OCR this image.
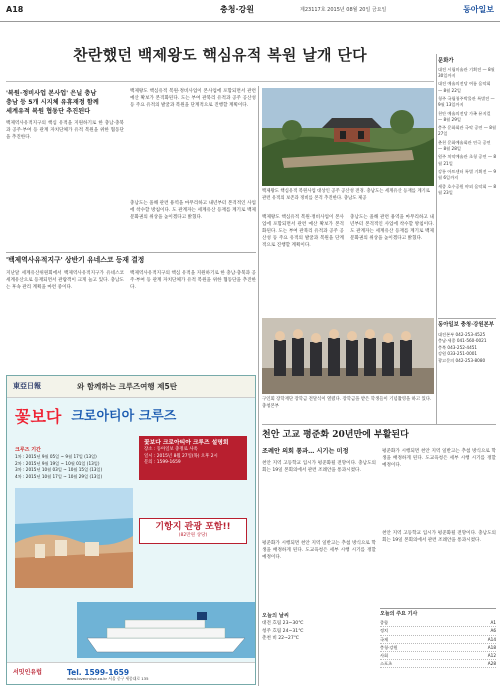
A18	충청·강원	제23117호 2015년 08월 20일 금요일	동아일보
찬란했던 백제왕도 핵심유적 복원 날개 단다
'복원·정비사업 본사업' 은닐 충남
충남 등 5개 시지체 유휴재정 함께
세계유적 복원 협동단 추진된다
백제역사유적지구의 핵심 유적을 지원하기로 한 충남·충북과 공주·부여 등 관계 자치단체가 유적 복원을 위한 협동단을 추진한다.
백제왕도 핵심유적 복원·정비사업이 본사업에 포함되면서 관련 예산 확보가 본격화된다. 도는 부여 관북리 유적과 공주 공산성 등 주요 유적의 발굴과 복원을 단계적으로 진행할 계획이다.
충남도는 올해 관련 용역을 마무리하고 내년부터 본격적인 사업에 착수할 방침이다. 도 관계자는 세계유산 등재를 계기로 백제 문화권의 위상을 높이겠다고 밝혔다.
백제왕도 핵심유적 복원사업 대상인 공주 공산성 전경. 충남도는 세계유산 등재를 계기로 관련 유적의 보존과 정비를 본격 추진한다. 충남도 제공
백제왕도 핵심유적 복원·정비사업이 본사업에 포함되면서 관련 예산 확보가 본격화된다. 도는 부여 관북리 유적과 공주 공산성 등 주요 유적의 발굴과 복원을 단계적으로 진행할 계획이다.
충남도는 올해 관련 용역을 마무리하고 내년부터 본격적인 사업에 착수할 방침이다. 도 관계자는 세계유산 등재를 계기로 백제 문화권의 위상을 높이겠다고 밝혔다.
'백제역사유적지구' 상반기 유네스코 등재 결정
지난달 세계유산위원회에서 백제역사유적지구가 유네스코 세계유산으로 등재되면서 관람객이 크게 늘고 있다. 충남도는 후속 관리 계획을 마련 중이다.
백제역사유적지구의 핵심 유적을 지원하기로 한 충남·충북과 공주·부여 등 관계 자치단체가 유적 복원을 위한 협동단을 추진한다.
문화가
대전 시립미술관 기획전 — 8월 30일까지
대전 예술의전당 여름 음악회 — 8월 22일
청주 국립청주박물관 특별전 — 9월 13일까지
천안 예술의전당 가족 뮤지컬 — 8월 29일
충주 문화회관 국악 공연 — 8월 27일
춘천 문화예술회관 연극 공연 — 8월 28일
원주 치악예술관 초청 공연 — 8월 21일
강릉 아트센터 특별 기획전 — 9월 6일까지
세종 호수공원 야외 음악회 — 8월 23일
동아일보 충청·강원본부
대전본부 042-253-4525
충남·세종 041-560-0021
충북 043-252-4451
강원 033-251-0001
광고문의 042-253-8080
東亞日報	와 함께하는 크루즈여행 제5탄
꽃보다 크로아티아 크루즈
크루즈 기간
1차 : 2015년 9월 05일 ~ 9월 17일 (13일)
2차 : 2015년 9월 19일 ~ 10월 01일 (13일)
3차 : 2015년 10월 03일 ~ 10월 15일 (13일)
4차 : 2015년 10월 17일 ~ 10월 29일 (13일)
꽃보다 크로아티아 크루즈 설명회
장소 : 동아일보 충정로 사옥
일시 : 2015년 8월 27일(목) 오후 2시
문의 : 1599-1659
기항지 관광 포함!!
(82만원 상당)
서밋인유럽	Tel. 1599-1659
www.lovecruise.co.kr 서울 중구 세종대로 135
구인회 장학재단 장학금 전달식이 열렸다. 장학금을 받은 학생들이 기념촬영을 하고 있다. 충청본부
천안 고교 평준화 20년만에 부활된다
조례안 의회 통과… 시기는 미정
천안 지역 고등학교 입시가 평준화될 전망이다. 충남도의회는 19일 본회의에서 관련 조례안을 통과시켰다.
평준화가 시행되면 천안 지역 일반고는 추첨 방식으로 학생을 배정하게 된다. 도교육청은 세부 시행 시기를 정할 예정이다.
평준화가 시행되면 천안 지역 일반고는 추첨 방식으로 학생을 배정하게 된다. 도교육청은 세부 시행 시기를 정할 예정이다.
천안 지역 고등학교 입시가 평준화될 전망이다. 충남도의회는 19일 본회의에서 관련 조례안을 통과시켰다.
오늘의 날씨
대전 흐림 23~30℃
청주 흐림 24~31℃
춘천 비 22~27℃
오늘의 주요 기사
종합	A1
정치	A6
국제	A14
충청·강원	A18
사회	A12
스포츠	A28
